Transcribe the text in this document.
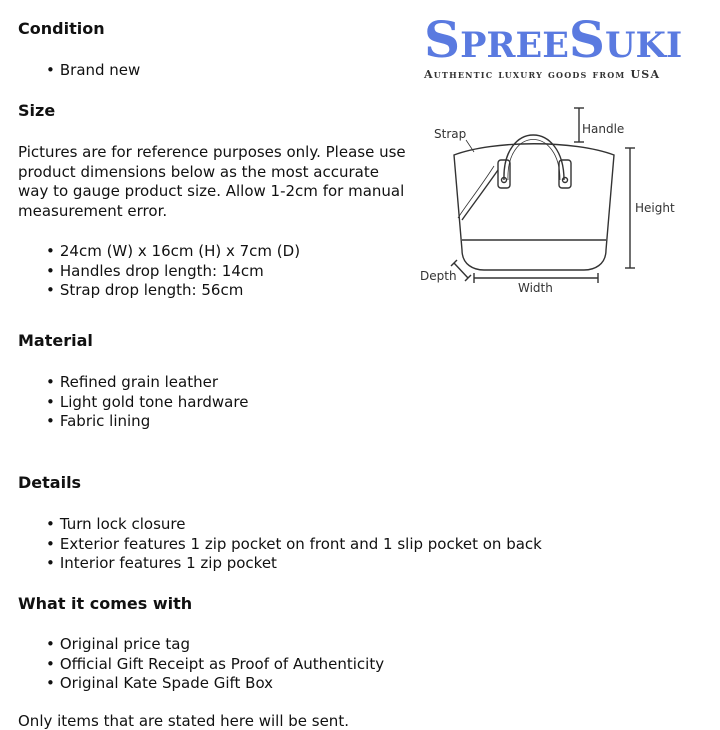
Condition
• Brand new
Size

Pictures are for reference purposes only. Please use product dimensions below as the most accurate way to gauge product size. Allow 1-2cm for manual measurement error.

• 24cm (W) x 16cm (H) x 7cm (D)
• Handles drop length: 14cm
• Strap drop length: 56cm
Material
• Refined grain leather
• Light gold tone hardware
• Fabric lining
Details
• Turn lock closure
• Exterior features 1 zip pocket on front and 1 slip pocket on back
• Interior features 1 zip pocket
What it comes with
• Original price tag
• Official Gift Receipt as Proof of Authenticity
• Original Kate Spade Gift Box
Only items that are stated here will be sent.
SpreeSuki
Authentic luxury goods from USA
Strap	Handle
Height
Depth
Width
